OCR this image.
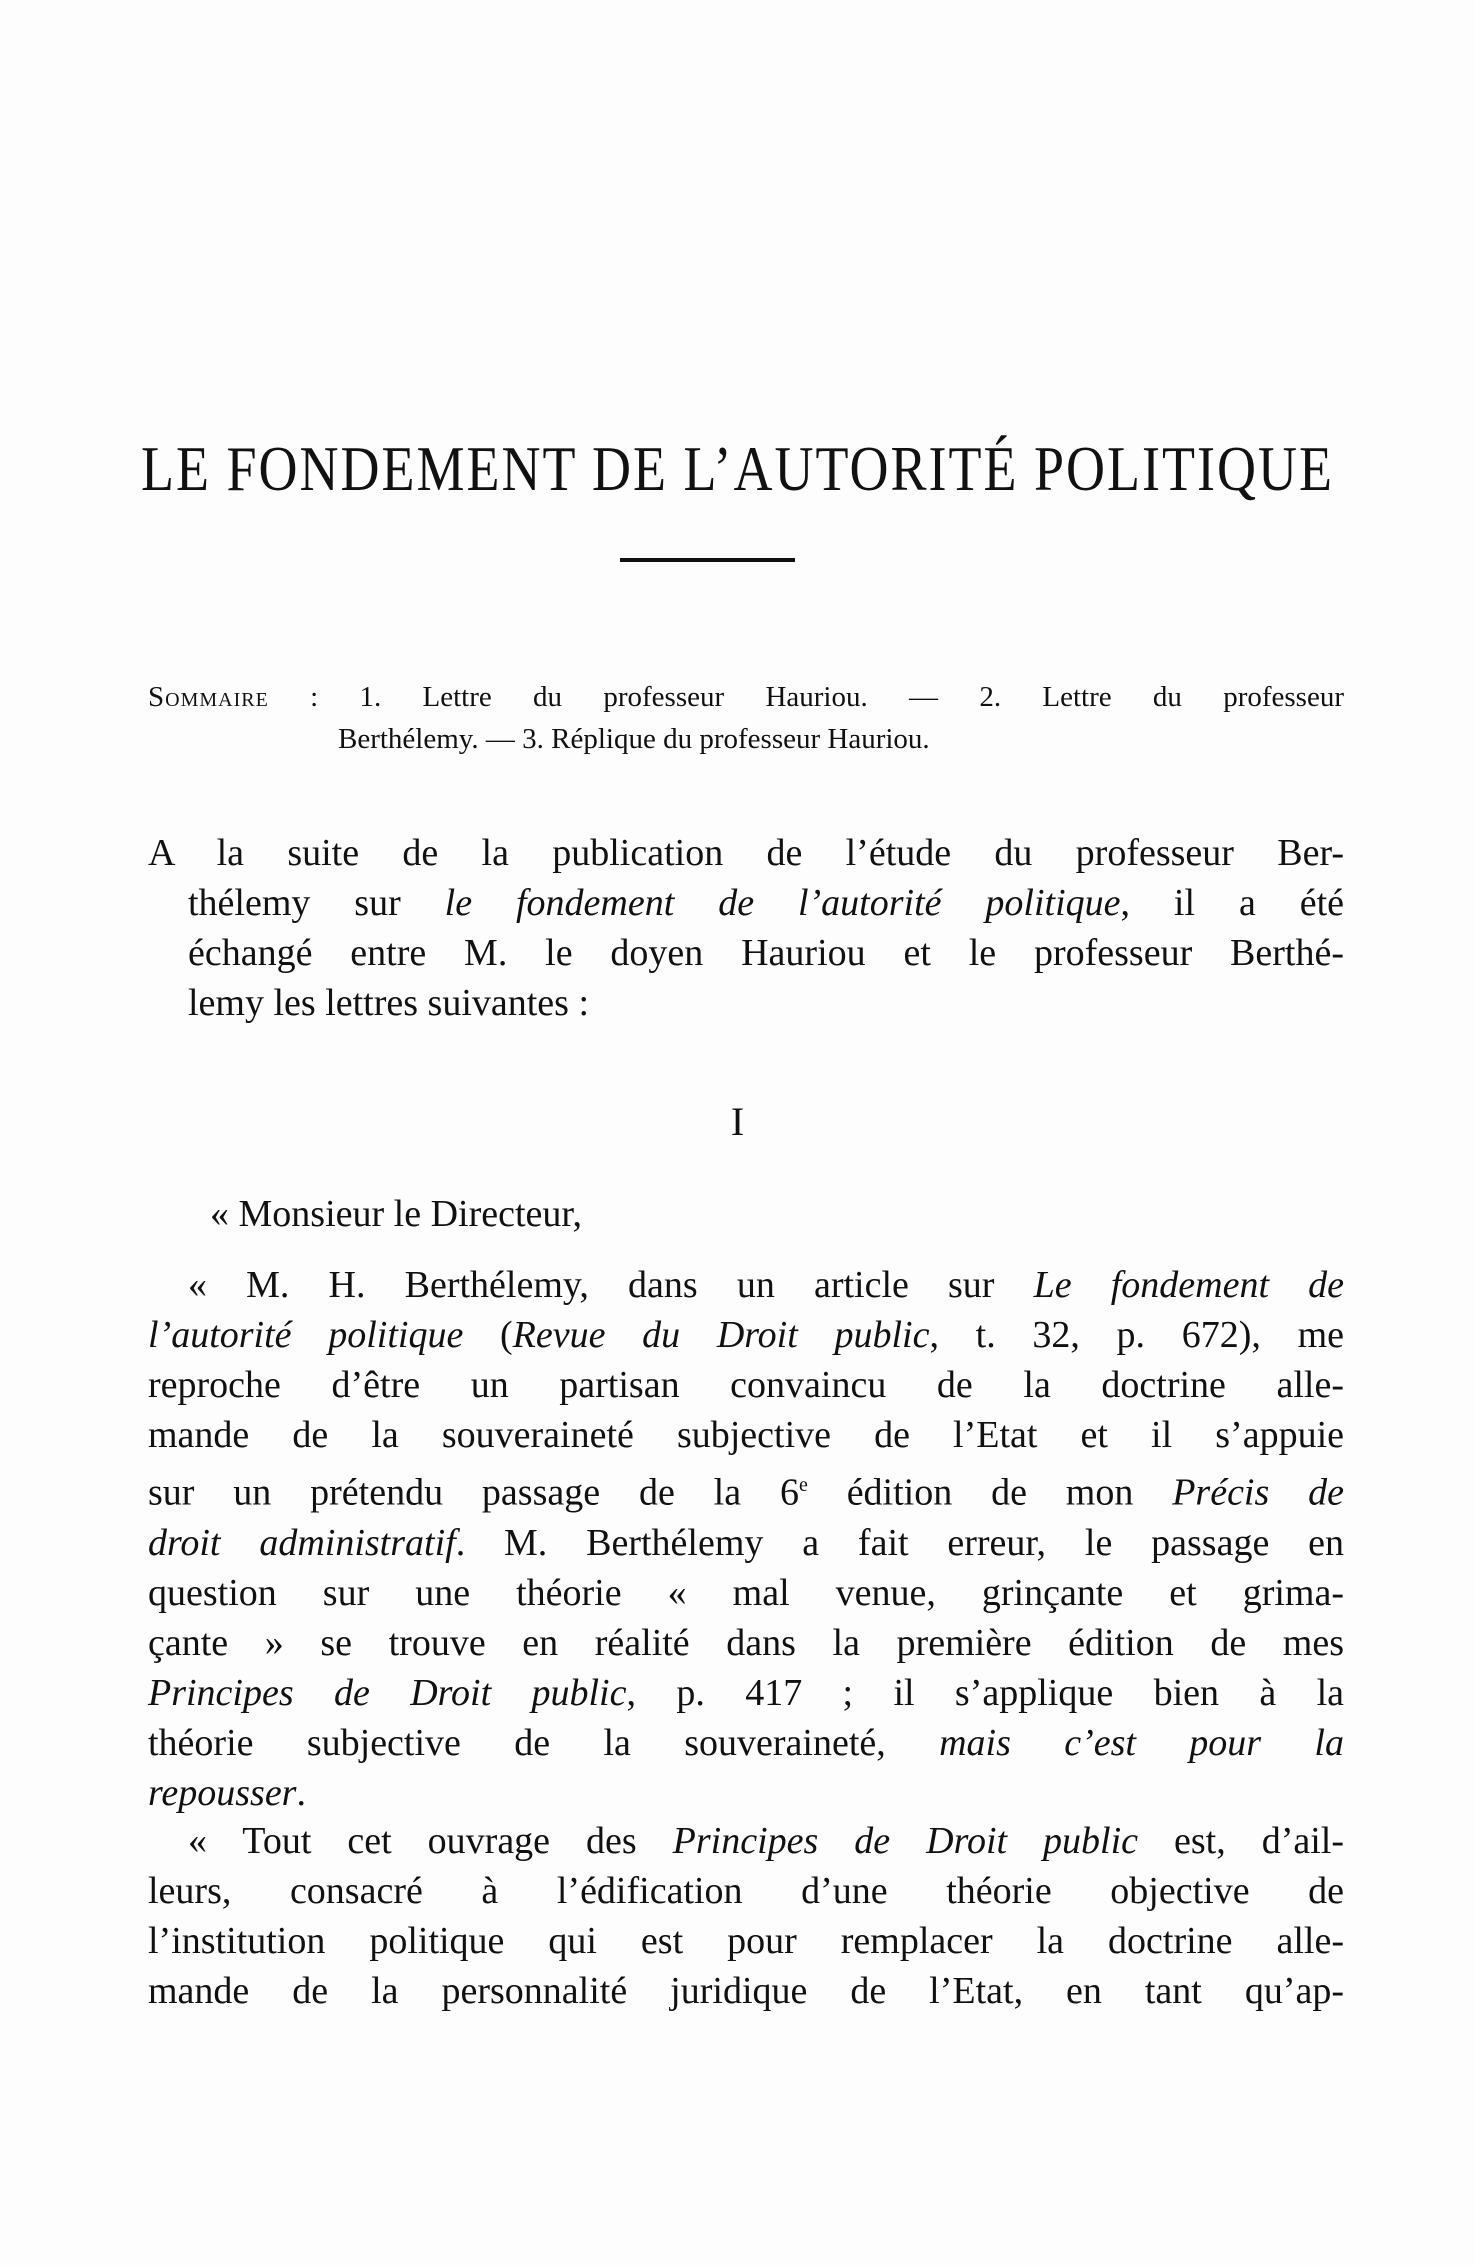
LE FONDEMENT DE L’AUTORITÉ POLITIQUE
Sommaire : 1. Lettre du professeur Hauriou. — 2. Lettre du professeur
Berthélemy. — 3. Réplique du professeur Hauriou.
A la suite de la publication de l’étude du professeur Ber-
thélemy sur le fondement de l’autorité politique, il a été
échangé entre M. le doyen Hauriou et le professeur Berthé-
lemy les lettres suivantes :
I
« Monsieur le Directeur,
« M. H. Berthélemy, dans un article sur Le fondement de
l’autorité politique (Revue du Droit public, t. 32, p. 672), me
reproche d’être un partisan convaincu de la doctrine alle-
mande de la souveraineté subjective de l’Etat et il s’appuie
sur un prétendu passage de la 6e édition de mon Précis de
droit administratif. M. Berthélemy a fait erreur, le passage en
question sur une théorie « mal venue, grinçante et grima-
çante » se trouve en réalité dans la première édition de mes
Principes de Droit public, p. 417 ; il s’applique bien à la
théorie subjective de la souveraineté, mais c’est pour la
repousser.
« Tout cet ouvrage des Principes de Droit public est, d’ail-
leurs, consacré à l’édification d’une théorie objective de
l’institution politique qui est pour remplacer la doctrine alle-
mande de la personnalité juridique de l’Etat, en tant qu’ap-
